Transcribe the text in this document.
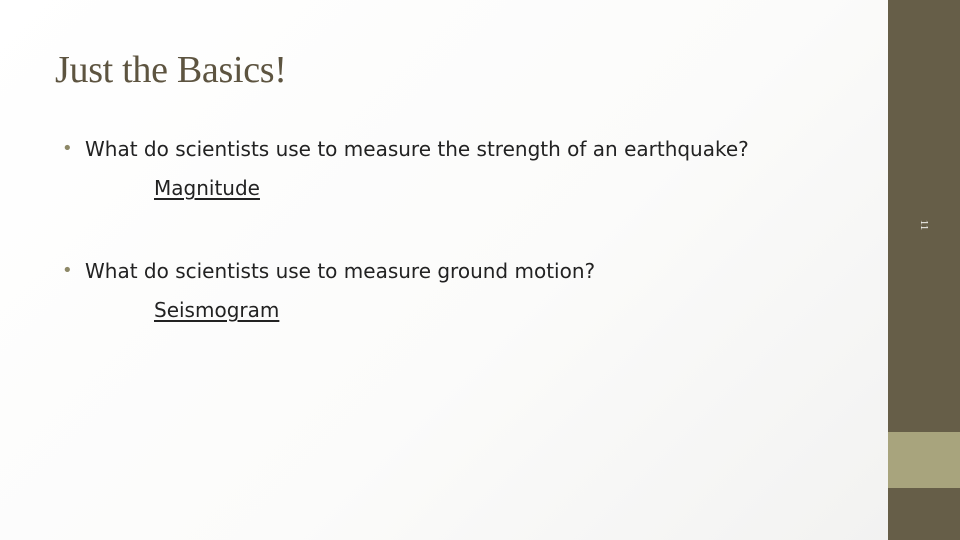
Just the Basics!
• What do scientists use to measure the strength of an earthquake?
Magnitude
• What do scientists use to measure ground motion?
Seismogram
11
